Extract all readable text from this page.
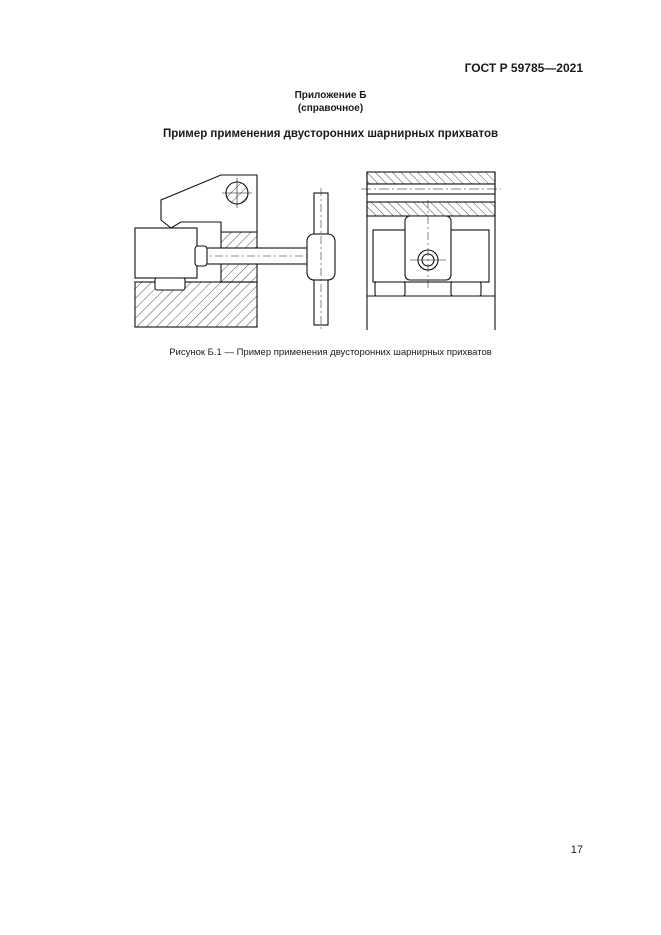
ГОСТ Р 59785—2021
Приложение Б
(справочное)
Пример применения двусторонних шарнирных прихватов
Рисунок Б.1 — Пример применения двусторонних шарнирных прихватов
17
